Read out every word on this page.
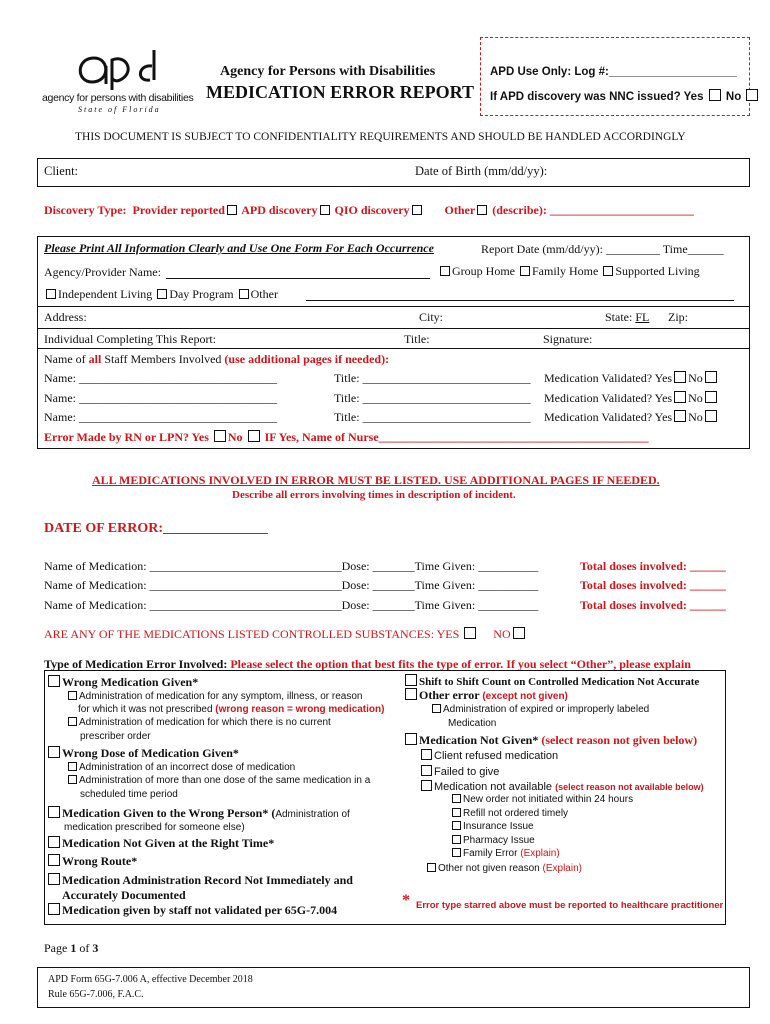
agency for persons with disabilities
State of Florida
Agency for Persons with Disabilities
MEDICATION ERROR REPORT
APD Use Only: Log #:____________________
If APD discovery was NNC issued? Yes No
THIS DOCUMENT IS SUBJECT TO CONFIDENTIALITY REQUIREMENTS AND SHOULD BE HANDLED ACCORDINGLY
Client:	Date of Birth (mm/dd/yy):
Discovery Type: Provider reported APD discovery QIO discovery	Other (describe): ________________________
Please Print All Information Clearly and Use One Form For Each Occurrence	Report Date (mm/dd/yy): _________ Time______
Agency/Provider Name:	Group Home Family Home Supported Living
Independent Living Day Program Other
Address:	City:	State: FL Zip:
Individual Completing This Report:	Title:	Signature:
Name of all Staff Members Involved (use additional pages if needed):
Name: _________________________________	Title: ____________________________ Medication Validated? Yes No
Name: _________________________________	Title: ____________________________ Medication Validated? Yes No
Name: _________________________________	Title: ____________________________ Medication Validated? Yes No
Error Made by RN or LPN? Yes No IF Yes, Name of Nurse_____________________________________________
ALL MEDICATIONS INVOLVED IN ERROR MUST BE LISTED. USE ADDITIONAL PAGES IF NEEDED.
Describe all errors involving times in description of incident.
DATE OF ERROR:_______________
Name of Medication: ________________________________Dose: _______Time Given: __________	Total doses involved: ______
Name of Medication: ________________________________Dose: _______Time Given: __________	Total doses involved: ______
Name of Medication: ________________________________Dose: _______Time Given: __________	Total doses involved: ______
ARE ANY OF THE MEDICATIONS LISTED CONTROLLED SUBSTANCES: YES	NO
Type of Medication Error Involved: Please select the option that best fits the type of error. If you select “Other”, please explain
Wrong Medication Given*
Administration of medication for any symptom, illness, or reason
for which it was not prescribed (wrong reason = wrong medication)
Administration of medication for which there is no current
prescriber order
Wrong Dose of Medication Given*
Administration of an incorrect dose of medication
Administration of more than one dose of the same medication in a
scheduled time period
Medication Given to the Wrong Person* (Administration of
medication prescribed for someone else)
Medication Not Given at the Right Time*
Wrong Route*
Medication Administration Record Not Immediately and
Accurately Documented
Medication given by staff not validated per 65G-7.004
Shift to Shift Count on Controlled Medication Not Accurate
Other error (except not given)
Administration of expired or improperly labeled
Medication
Medication Not Given* (select reason not given below)
Client refused medication
Failed to give
Medication not available (select reason not available below)
New order not initiated within 24 hours
Refill not ordered timely
Insurance Issue
Pharmacy Issue
Family Error (Explain)
Other not given reason (Explain)
* Error type starred above must be reported to healthcare practitioner
Page 1 of 3
APD Form 65G-7.006 A, effective December 2018
Rule 65G-7.006, F.A.C.
